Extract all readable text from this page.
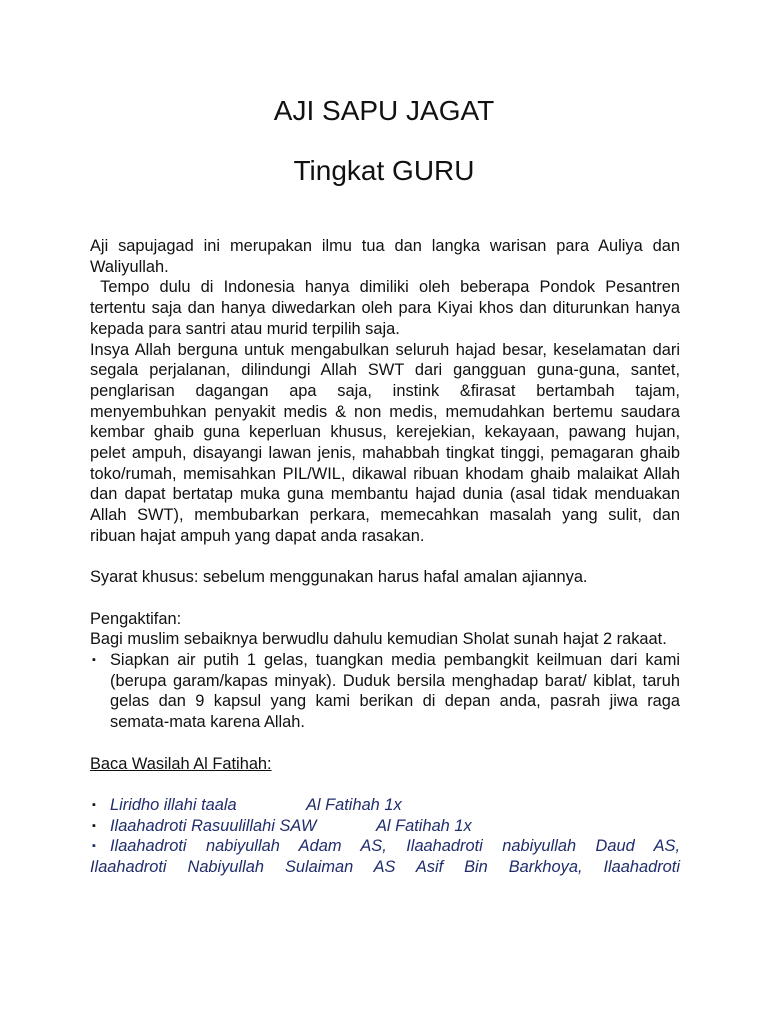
AJI SAPU JAGAT
Tingkat GURU

Aji sapujagad ini merupakan ilmu tua dan langka warisan para Auliya dan Waliyullah.

Tempo dulu di Indonesia hanya dimiliki oleh beberapa Pondok Pesantren tertentu saja dan hanya diwedarkan oleh para Kiyai khos dan diturunkan hanya kepada para santri atau murid terpilih saja.

Insya Allah berguna untuk mengabulkan seluruh hajad besar, keselamatan dari segala perjalanan, dilindungi Allah SWT dari gangguan guna-guna, santet, penglarisan dagangan apa saja, instink &firasat bertambah tajam, menyembuhkan penyakit medis & non medis, memudahkan bertemu saudara kembar ghaib guna keperluan khusus, kerejekian, kekayaan, pawang hujan, pelet ampuh, disayangi lawan jenis, mahabbah tingkat tinggi, pemagaran ghaib toko/rumah, memisahkan PIL/WIL, dikawal ribuan khodam ghaib malaikat Allah dan dapat bertatap muka guna membantu hajad dunia (asal tidak menduakan Allah SWT), membubarkan perkara, memecahkan masalah yang sulit, dan ribuan hajat ampuh yang dapat anda rasakan.

Syarat khusus: sebelum menggunakan harus hafal amalan ajiannya.

Pengaktifan:

Bagi muslim sebaiknya berwudlu dahulu kemudian Sholat sunah hajat 2 rakaat.

▪ Siapkan air putih 1 gelas, tuangkan media pembangkit keilmuan dari kami (berupa garam/kapas minyak). Duduk bersila menghadap barat/ kiblat, taruh gelas dan 9 kapsul yang kami berikan di depan anda, pasrah jiwa raga semata-mata karena Allah.

Baca Wasilah Al Fatihah:

▪ Liridho illahi taala	Al Fatihah 1x
▪ Ilaahadroti Rasuulillahi SAW	Al Fatihah 1x
▪ Ilaahadroti nabiyullah Adam AS, Ilaahadroti nabiyullah Daud AS,
Ilaahadroti Nabiyullah Sulaiman AS Asif Bin Barkhoya, Ilaahadroti
